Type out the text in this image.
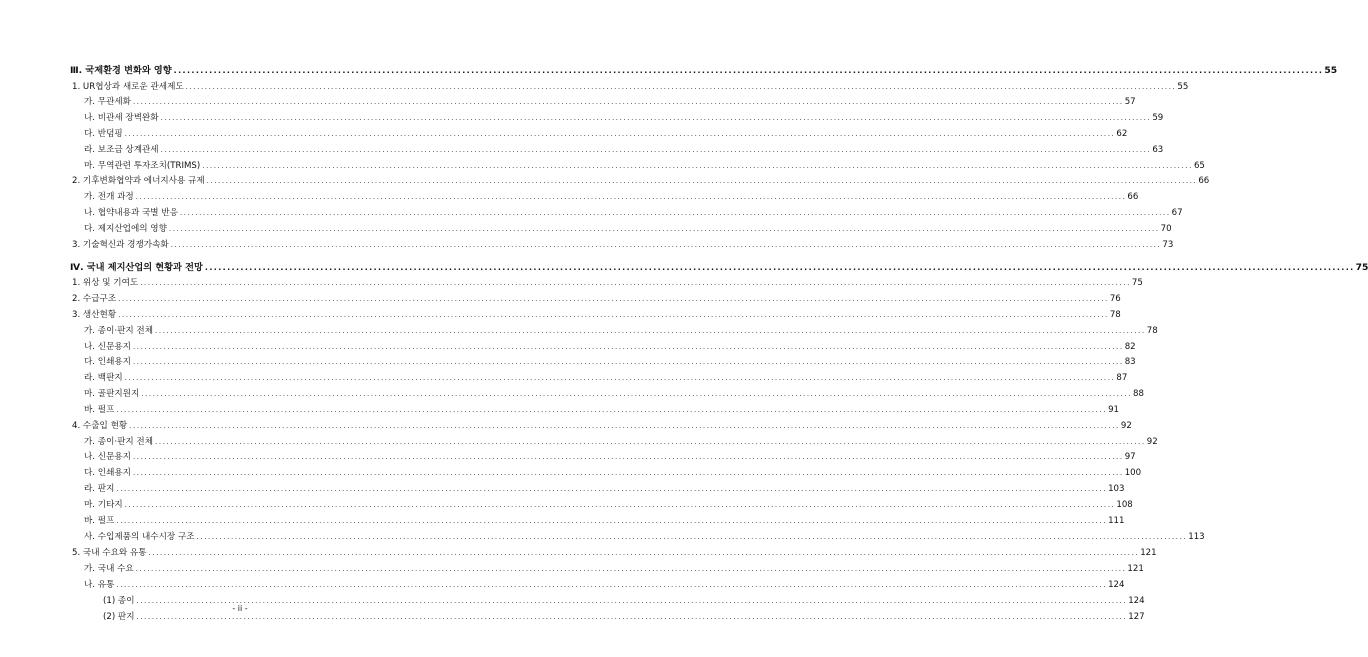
Ⅲ. 국제환경 변화와 영향 ................................................................................................................................................................................................................................................................... 55
1. UR협상과 새로운 관세제도 ................................................................................................................................................................................................................................................................... 55
가. 무관세화 ................................................................................................................................................................................................................................................................... 57
나. 비관세 장벽완화 ................................................................................................................................................................................................................................................................... 59
다. 반덤핑 ................................................................................................................................................................................................................................................................... 62
라. 보조금 상계관세 ................................................................................................................................................................................................................................................................... 63
마. 무역관련 투자조치(TRIMS) ................................................................................................................................................................................................................................................................... 65
2. 기후변화협약과 에너지사용 규제 ................................................................................................................................................................................................................................................................... 66
가. 전개 과정 ................................................................................................................................................................................................................................................................... 66
나. 협약내용과 국별 반응 ................................................................................................................................................................................................................................................................... 67
다. 제지산업에의 영향 ................................................................................................................................................................................................................................................................... 70
3. 기술혁신과 경쟁가속화 ................................................................................................................................................................................................................................................................... 73
Ⅳ. 국내 제지산업의 현황과 전망 ................................................................................................................................................................................................................................................................... 75
1. 위상 및 기여도 ................................................................................................................................................................................................................................................................... 75
2. 수급구조 ................................................................................................................................................................................................................................................................... 76
3. 생산현황 ................................................................................................................................................................................................................................................................... 78
가. 종이·판지 전체 ................................................................................................................................................................................................................................................................... 78
나. 신문용지 ................................................................................................................................................................................................................................................................... 82
다. 인쇄용지 ................................................................................................................................................................................................................................................................... 83
라. 백판지 ................................................................................................................................................................................................................................................................... 87
마. 골판지원지 ................................................................................................................................................................................................................................................................... 88
바. 펄프 ................................................................................................................................................................................................................................................................... 91
4. 수출입 현황 ................................................................................................................................................................................................................................................................... 92
가. 종이·판지 전체 ................................................................................................................................................................................................................................................................... 92
나. 신문용지 ................................................................................................................................................................................................................................................................... 97
다. 인쇄용지 ................................................................................................................................................................................................................................................................... 100
라. 판지 ................................................................................................................................................................................................................................................................... 103
마. 기타지 ................................................................................................................................................................................................................................................................... 108
바. 펄프 ................................................................................................................................................................................................................................................................... 111
사. 수입제품의 내수시장 구조 ................................................................................................................................................................................................................................................................... 113
5. 국내 수요와 유통 ................................................................................................................................................................................................................................................................... 121
가. 국내 수요 ................................................................................................................................................................................................................................................................... 121
나. 유통 ................................................................................................................................................................................................................................................................... 124
(1) 종이 ................................................................................................................................................................................................................................................................... 124
(2) 판지 ................................................................................................................................................................................................................................................................... 127
- ii -
